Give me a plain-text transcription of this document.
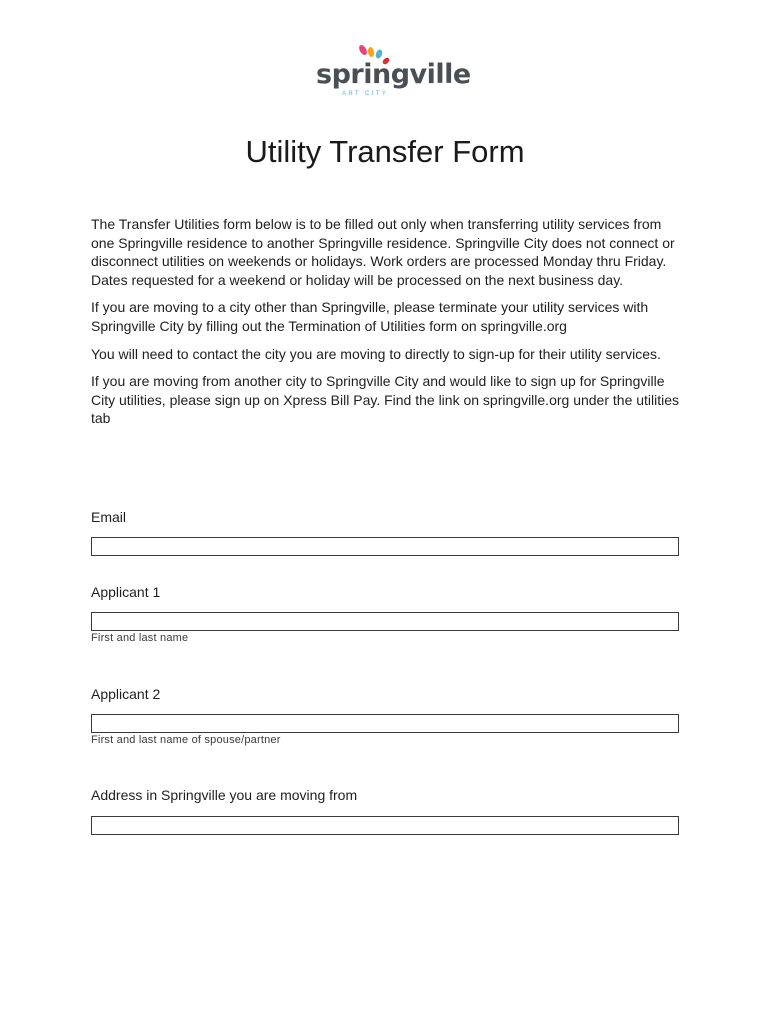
springville
ART CITY
Utility Transfer Form

The Transfer Utilities form below is to be filled out only when transferring utility services from one Springville residence to another Springville residence. Springville City does not connect or disconnect utilities on weekends or holidays. Work orders are processed Monday thru Friday. Dates requested for a weekend or holiday will be processed on the next business day.

If you are moving to a city other than Springville, please terminate your utility services with Springville City by filling out the Termination of Utilities form on springville.org

You will need to contact the city you are moving to directly to sign-up for their utility services.

If you are moving from another city to Springville City and would like to sign up for Springville City utilities, please sign up on Xpress Bill Pay. Find the link on springville.org under the utilities tab

Email
Applicant 1
First and last name
Applicant 2
First and last name of spouse/partner
Address in Springville you are moving from
